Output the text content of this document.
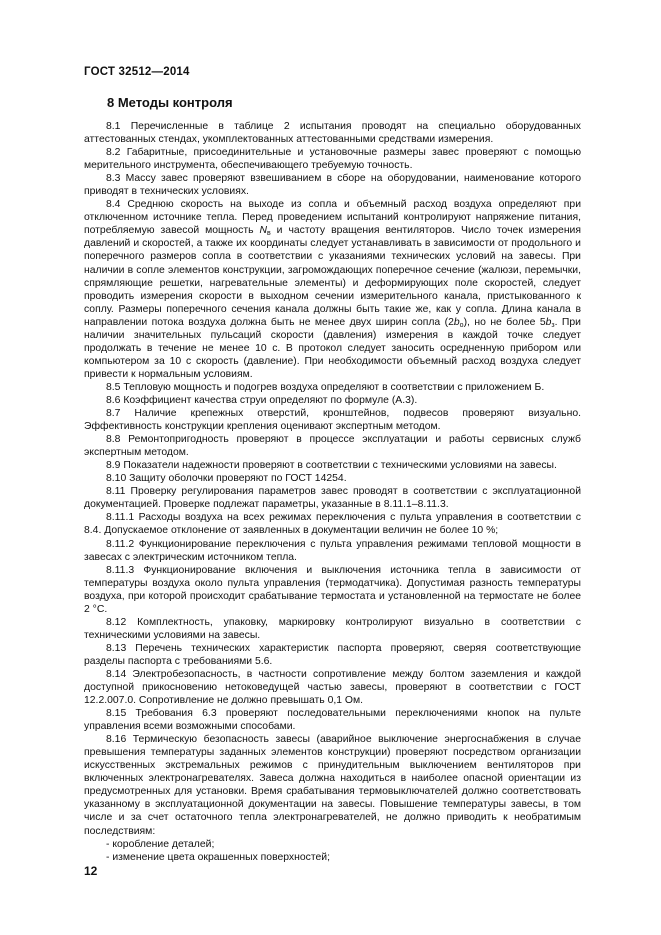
ГОСТ 32512—2014
8 Методы контроля

8.1 Перечисленные в таблице 2 испытания проводят на специально оборудованных аттестованных стендах, укомплектованных аттестованными средствами измерения.

8.2 Габаритные, присоединительные и установочные размеры завес проверяют с помощью мерительного инструмента, обеспечивающего требуемую точность.

8.3 Массу завес проверяют взвешиванием в сборе на оборудовании, наименование которого приводят в технических условиях.

8.4 Среднюю скорость на выходе из сопла и объемный расход воздуха определяют при отключенном источнике тепла. Перед проведением испытаний контролируют напряжение питания, потребляемую завесой мощность $N_в$ и частоту вращения вентиляторов. Число точек измерения давлений и скоростей, а также их координаты следует устанавливать в зависимости от продольного и поперечного размеров сопла в соответствии с указаниями технических условий на завесы. При наличии в сопле элементов конструкции, загромождающих поперечное сечение (жалюзи, перемычки, спрямляющие решетки, нагревательные элементы) и деформирующих поле скоростей, следует проводить измерения скорости в выходном сечении измерительного канала, пристыкованного к соплу. Размеры поперечного сечения канала должны быть такие же, как у сопла. Длина канала в направлении потока воздуха должна быть не менее двух ширин сопла $(2b_о)$, но не более $5b_з$. При наличии значительных пульсаций скорости (давления) измерения в каждой точке следует продолжать в течение не менее 10 с. В протокол следует заносить осредненную прибором или компьютером за 10 с скорость (давление). При необходимости объемный расход воздуха следует привести к нормальным условиям.

8.5 Тепловую мощность и подогрев воздуха определяют в соответствии с приложением Б.

8.6 Коэффициент качества струи определяют по формуле (А.3).

8.7 Наличие крепежных отверстий, кронштейнов, подвесов проверяют визуально. Эффективность конструкции крепления оценивают экспертным методом.

8.8 Ремонтопригодность проверяют в процессе эксплуатации и работы сервисных служб экспертным методом.

8.9 Показатели надежности проверяют в соответствии с техническими условиями на завесы.

8.10 Защиту оболочки проверяют по ГОСТ 14254.

8.11 Проверку регулирования параметров завес проводят в соответствии с эксплуатационной документацией. Проверке подлежат параметры, указанные в 8.11.1–8.11.3.

8.11.1 Расходы воздуха на всех режимах переключения с пульта управления в соответствии с 8.4. Допускаемое отклонение от заявленных в документации величин не более 10 %;

8.11.2 Функционирование переключения с пульта управления режимами тепловой мощности в завесах с электрическим источником тепла.

8.11.3 Функционирование включения и выключения источника тепла в зависимости от температуры воздуха около пульта управления (термодатчика). Допустимая разность температуры воздуха, при которой происходит срабатывание термостата и установленной на термостате не более 2 °С.

8.12 Комплектность, упаковку, маркировку контролируют визуально в соответствии с техническими условиями на завесы.

8.13 Перечень технических характеристик паспорта проверяют, сверяя соответствующие разделы паспорта с требованиями 5.6.

8.14 Электробезопасность, в частности сопротивление между болтом заземления и каждой доступной прикосновению нетоковедущей частью завесы, проверяют в соответствии с ГОСТ 12.2.007.0. Сопротивление не должно превышать 0,1 Ом.

8.15 Требования 6.3 проверяют последовательными переключениями кнопок на пульте управления всеми возможными способами.

8.16 Термическую безопасность завесы (аварийное выключение энергоснабжения в случае превышения температуры заданных элементов конструкции) проверяют посредством организации искусственных экстремальных режимов с принудительным выключением вентиляторов при включенных электронагревателях. Завеса должна находиться в наиболее опасной ориентации из предусмотренных для установки. Время срабатывания термовыключателей должно соответствовать указанному в эксплуатационной документации на завесы. Повышение температуры завесы, в том числе и за счет остаточного тепла электронагревателей, не должно приводить к необратимым последствиям:

- коробление деталей;

- изменение цвета окрашенных поверхностей;

12
